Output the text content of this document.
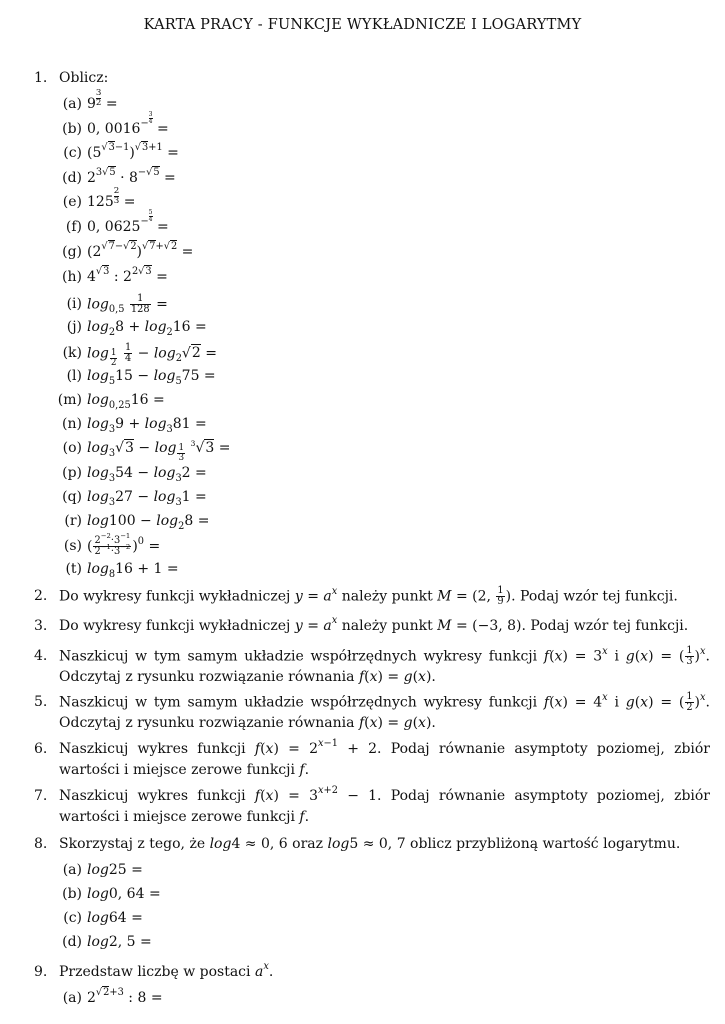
KARTA PRACY - FUNKCJE WYKŁADNICZE I LOGARYTMY
1. Oblicz:
(a) $9 \frac{3}{2}$ =
(b) 0, $0016^{- \frac{3}{4}}$
=
(c) $(5^{√3-1})^{√3+1}$ =
(d) $2^{3√5} \cdot 8^{-√5}$ =
(e) $125 \frac{2}{3}$ =
(f) 0, $0625^{- \frac{5}{4}}$
=
(g) $(2^{√7-√2})^{√7+√2}$ =
(h) $4^{√3}$ : $2^{2√3}$ =
(i) $\log_{0,5} \frac{1}{128}$ =
(j) $\log_28 + \log_216$ =
(k) log $_{\frac{1}{2}}$
$\frac{1}{4} - \log_2√2$ =
(l) $\log_515 - \log_575$ =
(m) $\log_{0,25}16$ =
(n) $\log_39 + \log_381$ =
(o) $\log_3√3 - \log _{\frac{1}{3}}$
$^3$√3 =
(p) $\log_354 - \log_32$ =
(q) $\log_327 - \log_31$ =
(r) $\log 100 - \log_28$ =
(s) ( $\frac{2^{-2}\cdot 3^{-1}}{2^{-1}\cdot 3^{-2}} )^0$ =
(t) $\log_816 + 1$ =
2. Do wykresy funkcji wykładniczej $y = a^x$ należy punkt M = (2, $\frac{1}{9}$ ). Podaj wzór tej funkcji.
3. Do wykresy funkcji wykładniczej $y = a^x$ należy punkt M = (−3, 8). Podaj wzór tej funkcji.
4. Naszkicuj w tym samym układzie współrzędnych wykresy funkcji $f(x) = 3^x$ i g(x) = ( $\frac{1}{3} )^x$. Odczytaj z rysunku rozwiązanie równania f(x) = g(x).
5. Naszkicuj w tym samym układzie współrzędnych wykresy funkcji $f(x) = 4^x$ i g(x) = ( $\frac{1}{2} )^x$. Odczytaj z rysunku rozwiązanie równania f(x) = g(x).
6. Naszkicuj wykres funkcji $f(x) = 2^{x-1} + 2$. Podaj równanie asymptoty poziomej, zbiór wartości i miejsce zerowe funkcji f.
7. Naszkicuj wykres funkcji $f(x) = 3^{x+2} - 1$. Podaj równanie asymptoty poziomej, zbiór wartości i miejsce zerowe funkcji f.
8. Skorzystaj z tego, że log4 ≈ 0, 6 oraz log5 ≈ 0, 7 oblicz przybliżoną wartość logarytmu.
(a) log25 =
(b) log0, 64 =
(c) log64 =
(d) log2, 5 =
9. Przedstaw liczbę w postaci $a^x$.
(a) $2^{√2+3}$ : 8 =
